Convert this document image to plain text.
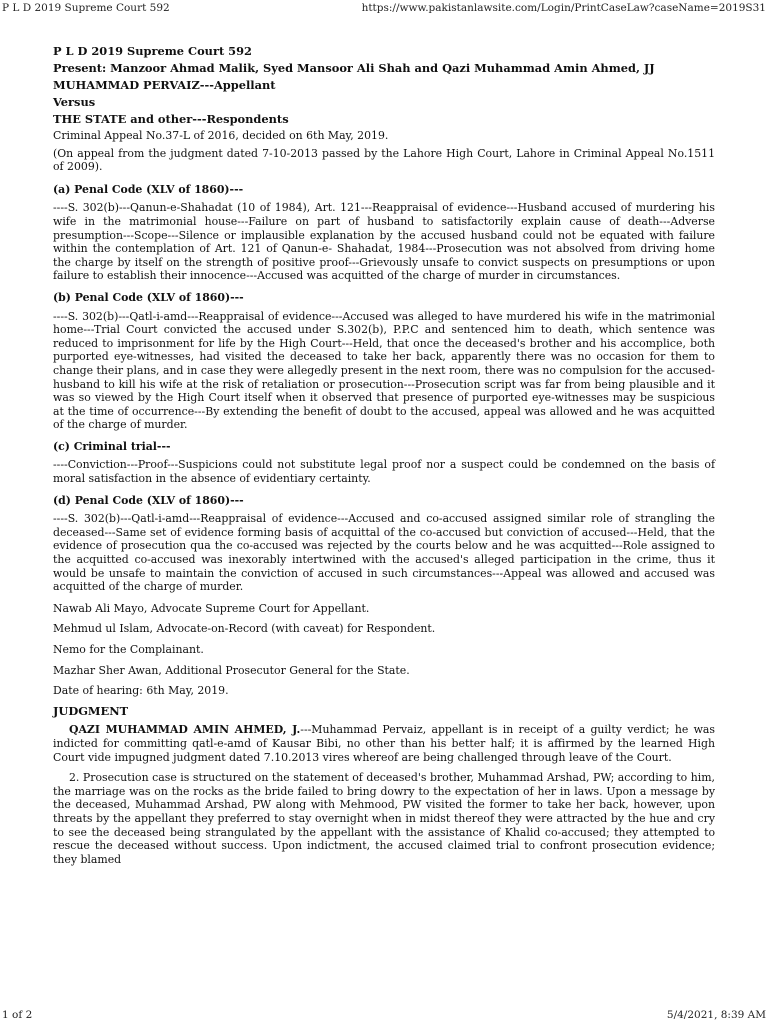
P L D 2019 Supreme Court 592	https://www.pakistanlawsite.com/Login/PrintCaseLaw?caseName=2019S31
P L D 2019 Supreme Court 592
Present: Manzoor Ahmad Malik, Syed Mansoor Ali Shah and Qazi Muhammad Amin Ahmed, JJ
MUHAMMAD PERVAIZ---Appellant
Versus
THE STATE and other---Respondents
Criminal Appeal No.37-L of 2016, decided on 6th May, 2019.
(On appeal from the judgment dated 7-10-2013 passed by the Lahore High Court, Lahore in Criminal Appeal No.1511 of 2009).
(a) Penal Code (XLV of 1860)---
----S. 302(b)---Qanun-e-Shahadat (10 of 1984), Art. 121---Reappraisal of evidence---Husband accused of murdering his wife in the matrimonial house---Failure on part of husband to satisfactorily explain cause of death---Adverse presumption---Scope---Silence or implausible explanation by the accused husband could not be equated with failure within the contemplation of Art. 121 of Qanun-e- Shahadat, 1984---Prosecution was not absolved from driving home the charge by itself on the strength of positive proof---Grievously unsafe to convict suspects on presumptions or upon failure to establish their innocence---Accused was acquitted of the charge of murder in circumstances.
(b) Penal Code (XLV of 1860)---
----S. 302(b)---Qatl-i-amd---Reappraisal of evidence---Accused was alleged to have murdered his wife in the matrimonial home---Trial Court convicted the accused under S.302(b), P.P.C and sentenced him to death, which sentence was reduced to imprisonment for life by the High Court---Held, that once the deceased's brother and his accomplice, both purported eye-witnesses, had visited the deceased to take her back, apparently there was no occasion for them to change their plans, and in case they were allegedly present in the next room, there was no compulsion for the accused-husband to kill his wife at the risk of retaliation or prosecution---Prosecution script was far from being plausible and it was so viewed by the High Court itself when it observed that presence of purported eye-witnesses may be suspicious at the time of occurrence---By extending the benefit of doubt to the accused, appeal was allowed and he was acquitted of the charge of murder.
(c) Criminal trial---
----Conviction---Proof---Suspicions could not substitute legal proof nor a suspect could be condemned on the basis of moral satisfaction in the absence of evidentiary certainty.
(d) Penal Code (XLV of 1860)---
----S. 302(b)---Qatl-i-amd---Reappraisal of evidence---Accused and co-accused assigned similar role of strangling the deceased---Same set of evidence forming basis of acquittal of the co-accused but conviction of accused---Held, that the evidence of prosecution qua the co-accused was rejected by the courts below and he was acquitted---Role assigned to the acquitted co-accused was inexorably intertwined with the accused's alleged participation in the crime, thus it would be unsafe to maintain the conviction of accused in such circumstances---Appeal was allowed and accused was acquitted of the charge of murder.
Nawab Ali Mayo, Advocate Supreme Court for Appellant.
Mehmud ul Islam, Advocate-on-Record (with caveat) for Respondent.
Nemo for the Complainant.
Mazhar Sher Awan, Additional Prosecutor General for the State.
Date of hearing: 6th May, 2019.
JUDGMENT
QAZI MUHAMMAD AMIN AHMED, J.---Muhammad Pervaiz, appellant is in receipt of a guilty verdict; he was indicted for committing qatl-e-amd of Kausar Bibi, no other than his better half; it is affirmed by the learned High Court vide impugned judgment dated 7.10.2013 vires whereof are being challenged through leave of the Court.
2. Prosecution case is structured on the statement of deceased's brother, Muhammad Arshad, PW; according to him, the marriage was on the rocks as the bride failed to bring dowry to the expectation of her in laws. Upon a message by the deceased, Muhammad Arshad, PW along with Mehmood, PW visited the former to take her back, however, upon threats by the appellant they preferred to stay overnight when in midst thereof they were attracted by the hue and cry to see the deceased being strangulated by the appellant with the assistance of Khalid co-accused; they attempted to rescue the deceased without success. Upon indictment, the accused claimed trial to confront prosecution evidence; they blamed
1 of 2	5/4/2021, 8:39 AM
